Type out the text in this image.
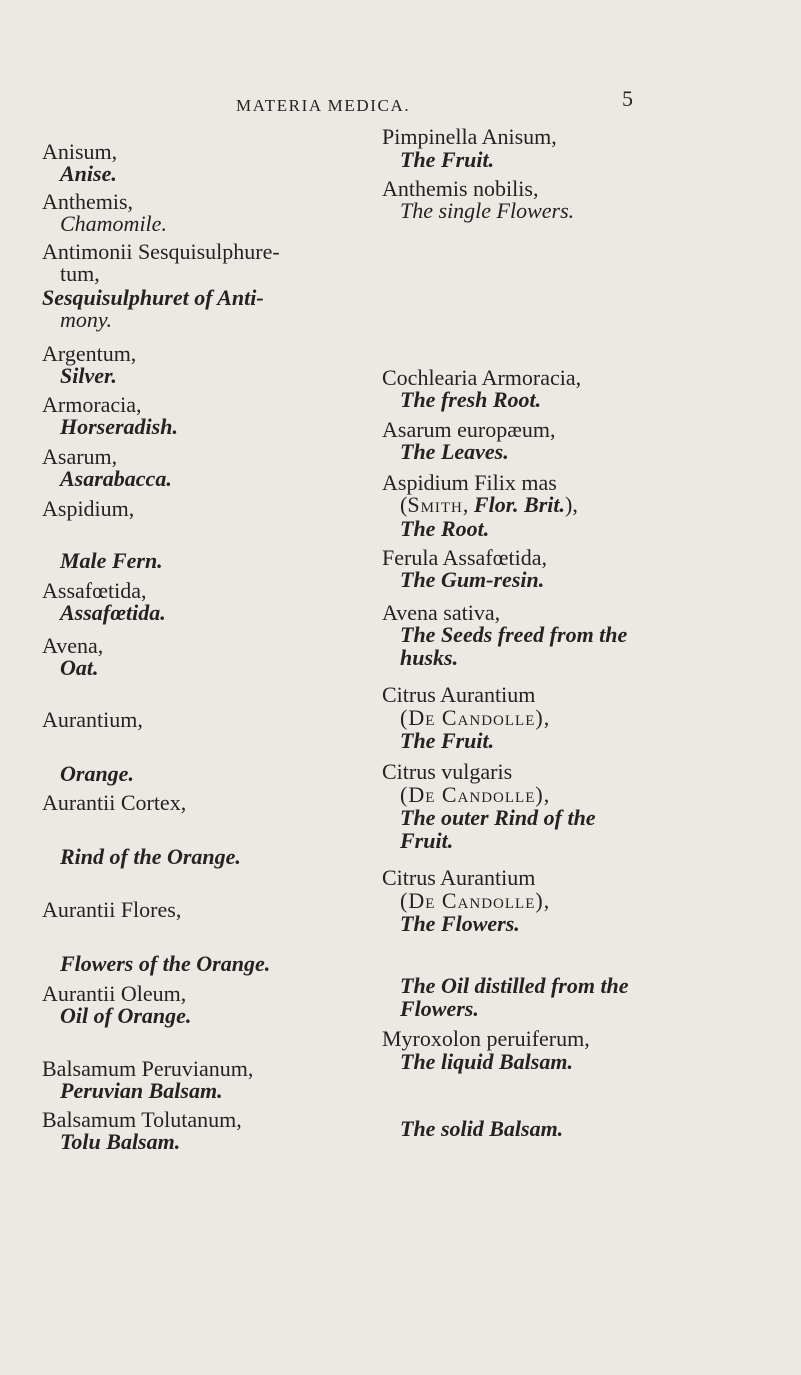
MATERIA MEDICA.	5
Anisum,
Anise.
Anthemis,
Chamomile.
Antimonii Sesquisulphure-
tum,
Sesquisulphuret of Anti-
mony.
Argentum,
Silver.
Armoracia,
Horseradish.
Asarum,
Asarabacca.
Aspidium,
Male Fern.
Assafœtida,
Assafœtida.
Avena,
Oat.
Aurantium,
Orange.
Aurantii Cortex,
Rind of the Orange.
Aurantii Flores,
Flowers of the Orange.
Aurantii Oleum,
Oil of Orange.
Balsamum Peruvianum,
Peruvian Balsam.
Balsamum Tolutanum,
Tolu Balsam.
Pimpinella Anisum,
The Fruit.
Anthemis nobilis,
The single Flowers.
Cochlearia Armoracia,
The fresh Root.
Asarum europæum,
The Leaves.
Aspidium Filix mas
(Smith, Flor. Brit.),
The Root.
Ferula Assafœtida,
The Gum-resin.
Avena sativa,
The Seeds freed from the
husks.
Citrus Aurantium
(De Candolle),
The Fruit.
Citrus vulgaris
(De Candolle),
The outer Rind of the
Fruit.
Citrus Aurantium
(De Candolle),
The Flowers.
The Oil distilled from the
Flowers.
Myroxolon peruiferum,
The liquid Balsam.
The solid Balsam.
